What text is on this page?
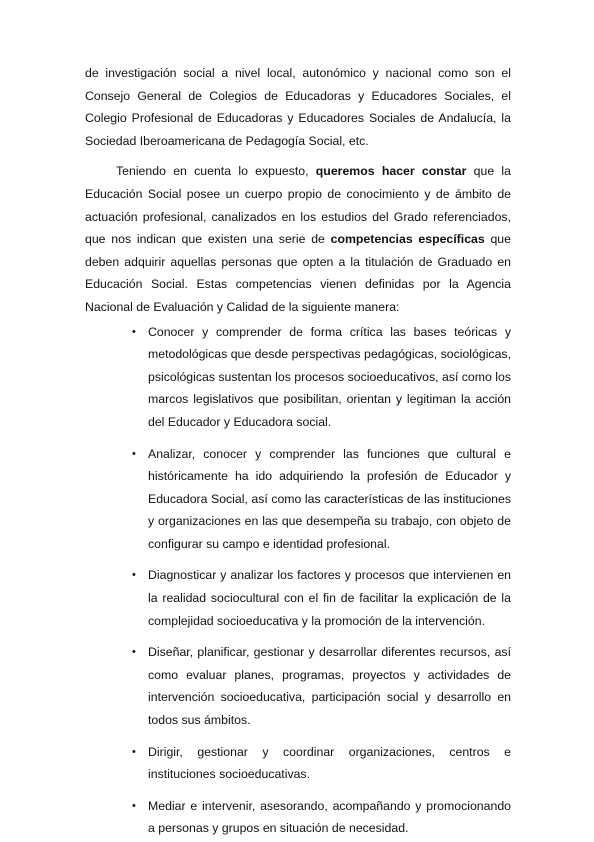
de investigación social a nivel local, autonómico y nacional como son el Consejo General de Colegios de Educadoras y Educadores Sociales, el Colegio Profesional de Educadoras y Educadores Sociales de Andalucía, la Sociedad Iberoamericana de Pedagogía Social, etc.

Teniendo en cuenta lo expuesto, queremos hacer constar que la Educación Social posee un cuerpo propio de conocimiento y de ámbito de actuación profesional, canalizados en los estudios del Grado referenciados, que nos indican que existen una serie de competencias específicas que deben adquirir aquellas personas que opten a la titulación de Graduado en Educación Social. Estas competencias vienen definidas por la Agencia Nacional de Evaluación y Calidad de la siguiente manera:

• Conocer y comprender de forma crítica las bases teóricas y metodológicas que desde perspectivas pedagógicas, sociológicas, psicológicas sustentan los procesos socioeducativos, así como los marcos legislativos que posibilitan, orientan y legitiman la acción del Educador y Educadora social.
• Analizar, conocer y comprender las funciones que cultural e históricamente ha ido adquiriendo la profesión de Educador y Educadora Social, así como las características de las instituciones y organizaciones en las que desempeña su trabajo, con objeto de configurar su campo e identidad profesional.
• Diagnosticar y analizar los factores y procesos que intervienen en la realidad sociocultural con el fin de facilitar la explicación de la complejidad socioeducativa y la promoción de la intervención.
• Diseñar, planificar, gestionar y desarrollar diferentes recursos, así como evaluar planes, programas, proyectos y actividades de intervención socioeducativa, participación social y desarrollo en todos sus ámbitos.
• Dirigir, gestionar y coordinar organizaciones, centros e instituciones socioeducativas.
• Mediar e intervenir, asesorando, acompañando y promocionando a personas y grupos en situación de necesidad.
